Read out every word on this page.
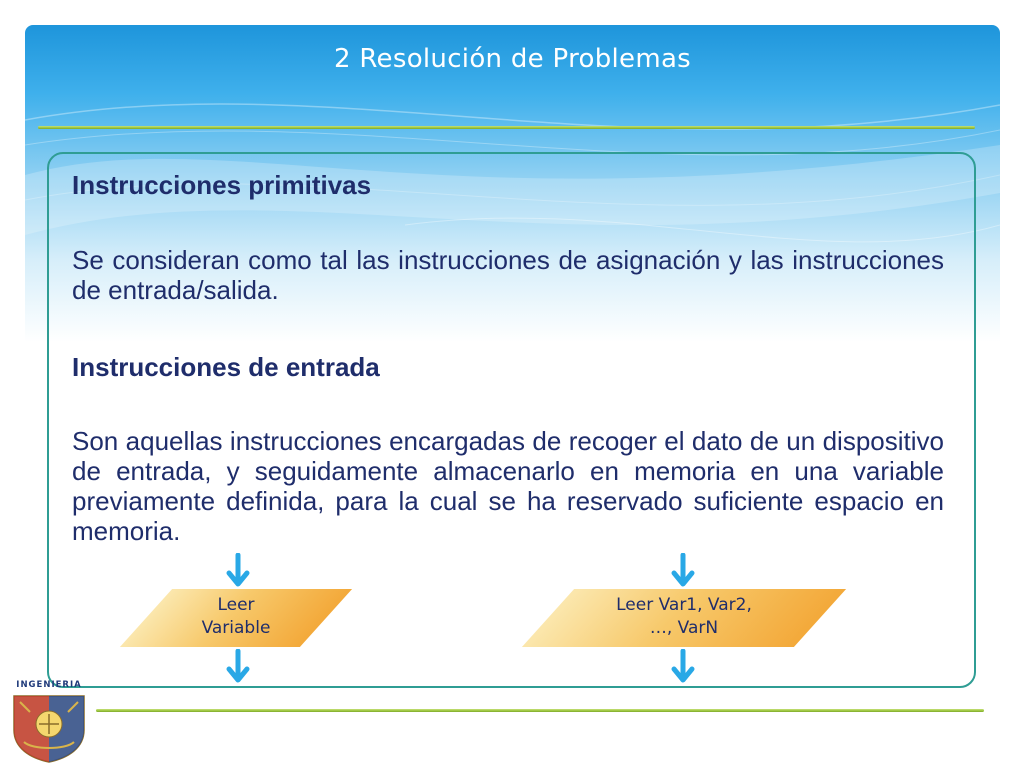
2 Resolución de Problemas
Instrucciones primitivas
Se consideran como tal las instrucciones de asignación y las instrucciones de entrada/salida.
Instrucciones de entrada
Son aquellas instrucciones encargadas de recoger el dato de un dispositivo de entrada, y seguidamente almacenarlo en memoria en una variable previamente definida, para la cual se ha reservado suficiente espacio en memoria.
Leer
Variable
Leer Var1, Var2,
…, VarN
INGENIERIA
